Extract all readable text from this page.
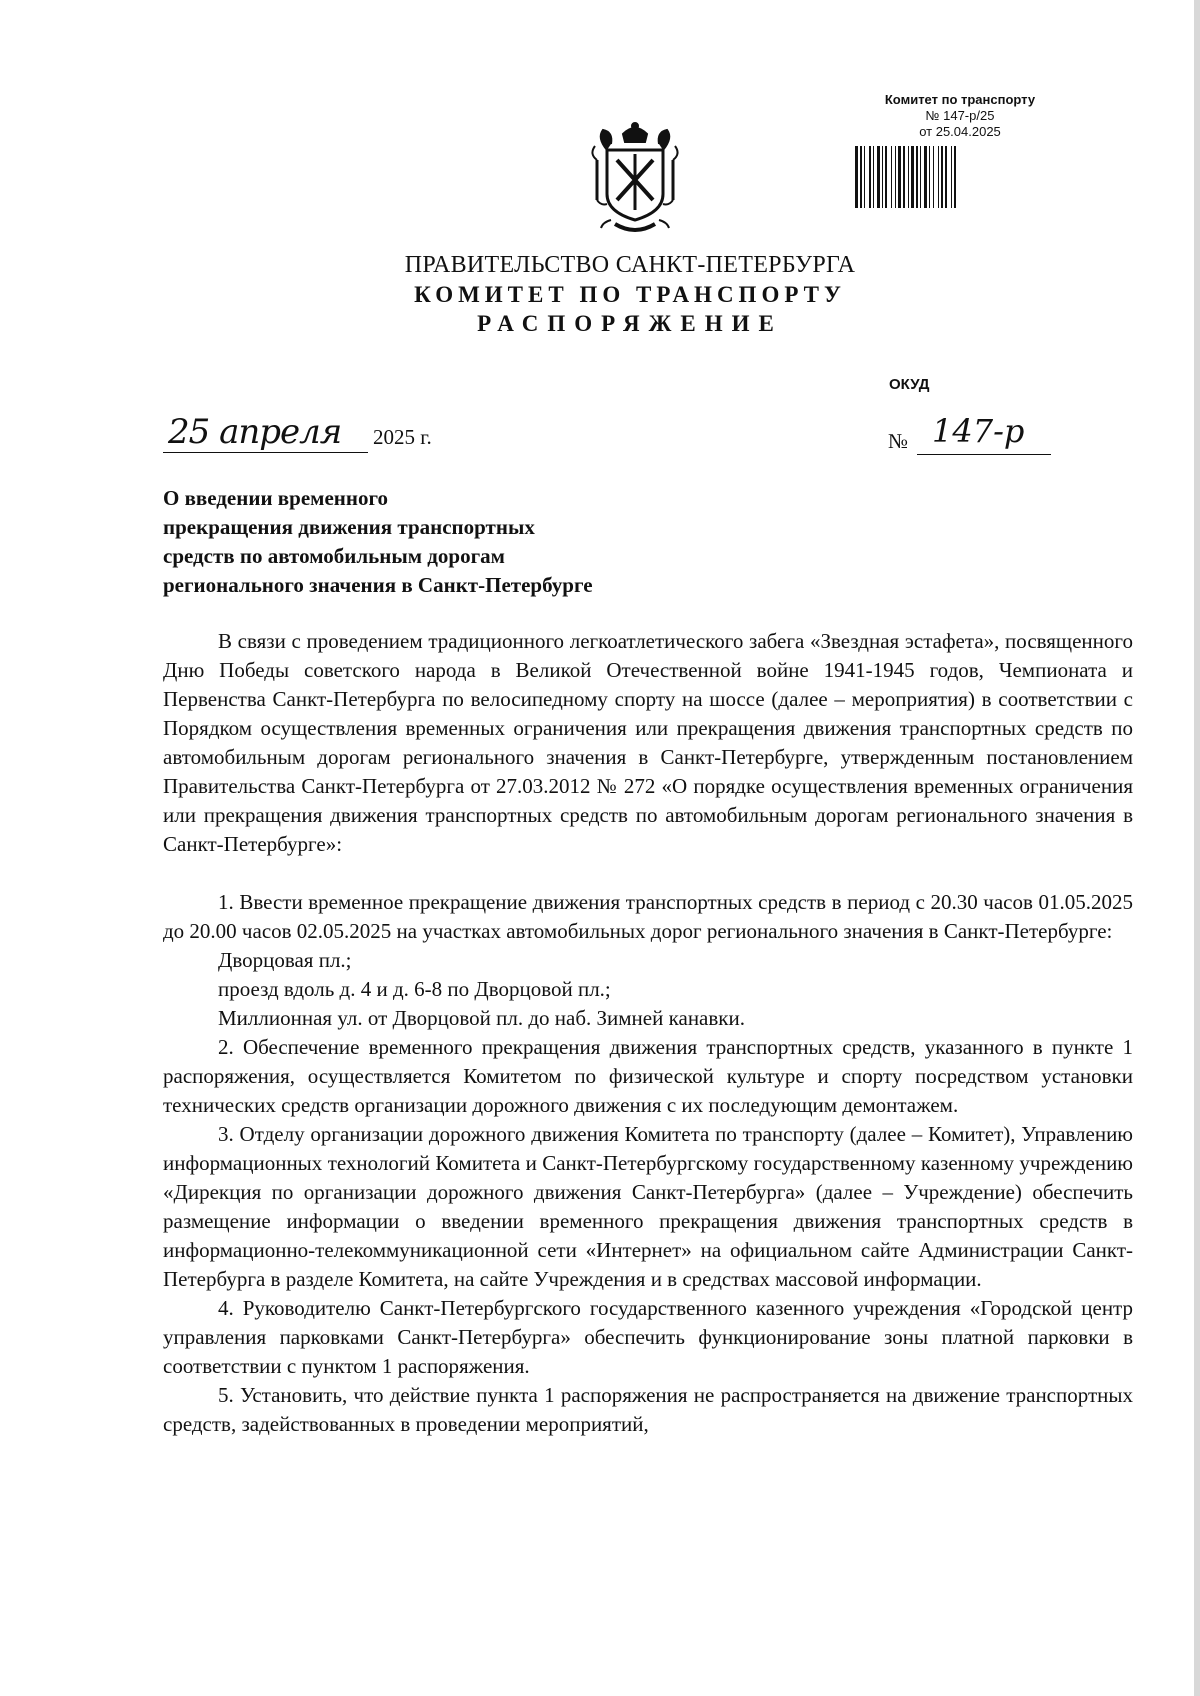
Комитет по транспорту
№ 147-р/25
от 25.04.2025
ПРАВИТЕЛЬСТВО САНКТ-ПЕТЕРБУРГА
КОМИТЕТ ПО ТРАНСПОРТУ
РАСПОРЯЖЕНИЕ
ОКУД
25 апреля 2025 г.	№ 147-р
О введении временного
прекращения движения транспортных
средств по автомобильным дорогам
регионального значения в Санкт-Петербурге

В связи с проведением традиционного легкоатлетического забега «Звездная эстафета», посвященного Дню Победы советского народа в Великой Отечественной войне 1941-1945 годов, Чемпионата и Первенства Санкт-Петербурга по велосипедному спорту на шоссе (далее – мероприятия) в соответствии с Порядком осуществления временных ограничения или прекращения движения транспортных средств по автомобильным дорогам регионального значения в Санкт-Петербурге, утвержденным постановлением Правительства Санкт-Петербурга от 27.03.2012 № 272 «О порядке осуществления временных ограничения или прекращения движения транспортных средств по автомобильным дорогам регионального значения в Санкт-Петербурге»:

1. Ввести временное прекращение движения транспортных средств в период с 20.30 часов 01.05.2025 до 20.00 часов 02.05.2025 на участках автомобильных дорог регионального значения в Санкт-Петербурге:

Дворцовая пл.;

проезд вдоль д. 4 и д. 6-8 по Дворцовой пл.;

Миллионная ул. от Дворцовой пл. до наб. Зимней канавки.

2. Обеспечение временного прекращения движения транспортных средств, указанного в пункте 1 распоряжения, осуществляется Комитетом по физической культуре и спорту посредством установки технических средств организации дорожного движения с их последующим демонтажем.

3. Отделу организации дорожного движения Комитета по транспорту (далее – Комитет), Управлению информационных технологий Комитета и Санкт-Петербургскому государственному казенному учреждению «Дирекция по организации дорожного движения Санкт-Петербурга» (далее – Учреждение) обеспечить размещение информации о введении временного прекращения движения транспортных средств в информационно-телекоммуникационной сети «Интернет» на официальном сайте Администрации Санкт-Петербурга в разделе Комитета, на сайте Учреждения и в средствах массовой информации.

4. Руководителю Санкт-Петербургского государственного казенного учреждения «Городской центр управления парковками Санкт-Петербурга» обеспечить функционирование зоны платной парковки в соответствии с пунктом 1 распоряжения.

5. Установить, что действие пункта 1 распоряжения не распространяется на движение транспортных средств, задействованных в проведении мероприятий,
